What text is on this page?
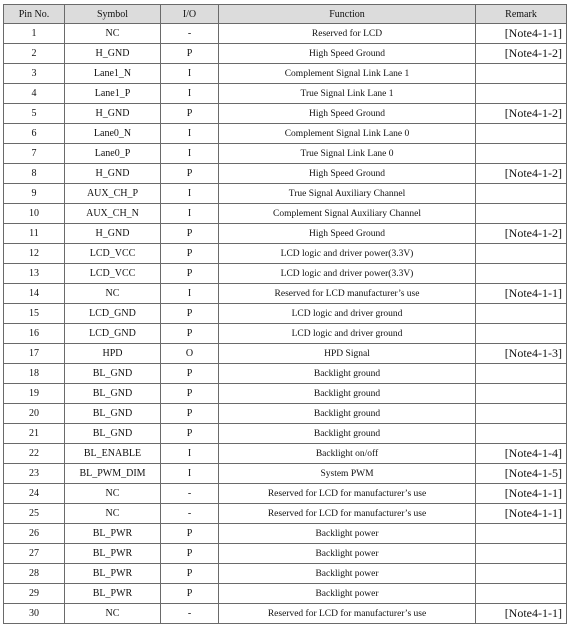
Pin No.	Symbol	I/O	Function	Remark
1	NC	-	Reserved for LCD	[Note4-1-1]
2	H_GND	P	High Speed Ground	[Note4-1-2]
3	Lane1_N	I	Complement Signal Link Lane 1	
4	Lane1_P	I	True Signal Link Lane 1	
5	H_GND	P	High Speed Ground	[Note4-1-2]
6	Lane0_N	I	Complement Signal Link Lane 0	
7	Lane0_P	I	True Signal Link Lane 0	
8	H_GND	P	High Speed Ground	[Note4-1-2]
9	AUX_CH_P	I	True Signal Auxiliary Channel	
10	AUX_CH_N	I	Complement Signal Auxiliary Channel	
11	H_GND	P	High Speed Ground	[Note4-1-2]
12	LCD_VCC	P	LCD logic and driver power(3.3V)	
13	LCD_VCC	P	LCD logic and driver power(3.3V)	
14	NC	I	Reserved for LCD manufacturer’s use	[Note4-1-1]
15	LCD_GND	P	LCD logic and driver ground	
16	LCD_GND	P	LCD logic and driver ground	
17	HPD	O	HPD Signal	[Note4-1-3]
18	BL_GND	P	Backlight ground	
19	BL_GND	P	Backlight ground	
20	BL_GND	P	Backlight ground	
21	BL_GND	P	Backlight ground	
22	BL_ENABLE	I	Backlight on/off	[Note4-1-4]
23	BL_PWM_DIM	I	System PWM	[Note4-1-5]
24	NC	-	Reserved for LCD for manufacturer’s use	[Note4-1-1]
25	NC	-	Reserved for LCD for manufacturer’s use	[Note4-1-1]
26	BL_PWR	P	Backlight power	
27	BL_PWR	P	Backlight power	
28	BL_PWR	P	Backlight power	
29	BL_PWR	P	Backlight power	
30	NC	-	Reserved for LCD for manufacturer’s use	[Note4-1-1]
